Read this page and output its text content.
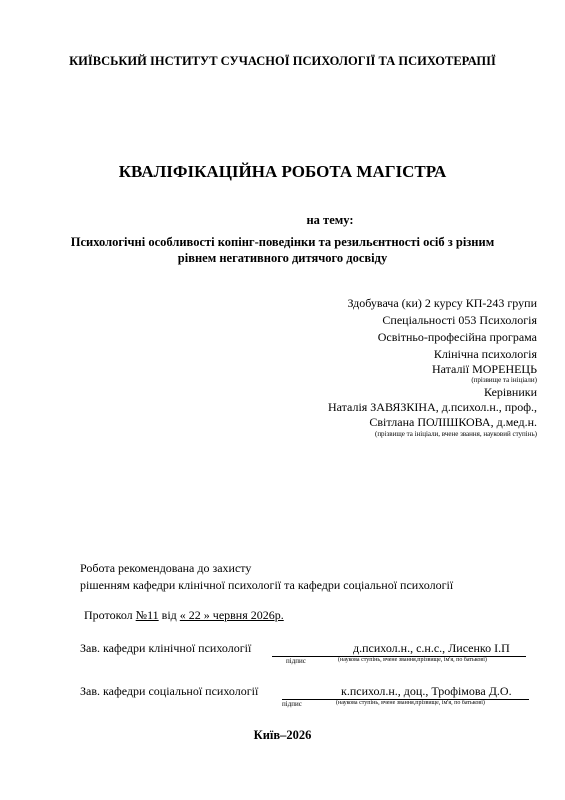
КИЇВСЬКИЙ ІНСТИТУТ СУЧАСНОЇ ПСИХОЛОГІЇ ТА ПСИХОТЕРАПІЇ
КВАЛІФІКАЦІЙНА РОБОТА МАГІСТРА
на тему:
Психологічні особливості копінг-поведінки та резильєнтності осіб з різним
рівнем негативного дитячого досвіду
Здобувача (ки) 2 курсу КП-243 групи
Спеціальності 053 Психологія
Освітньо-професійна програма
Клінічна психологія
Наталії МОРЕНЕЦЬ
(прізвище та ініціали)
Керівники
Наталія ЗАВЯЗКІНА, д.психол.н., проф.,
Світлана ПОЛІШКОВА, д.мед.н.
(прізвище та ініціали, вчене звання, науковий ступінь)
Робота рекомендована до захисту
рішенням кафедри клінічної психології та кафедри соціальної психології
Протокол №11 від « 22 » червня 2026р.
Зав. кафедри клінічної психології	д.психол.н., с.н.с., Лисенко І.П
підпис	(наукова ступінь, вчене звання,прізвище, ім'я, по батькові)
Зав. кафедри соціальної психології	к.психол.н., доц., Трофімова Д.О.
підпис	(наукова ступінь, вчене звання,прізвище, ім'я, по батькові)
Київ–2026
